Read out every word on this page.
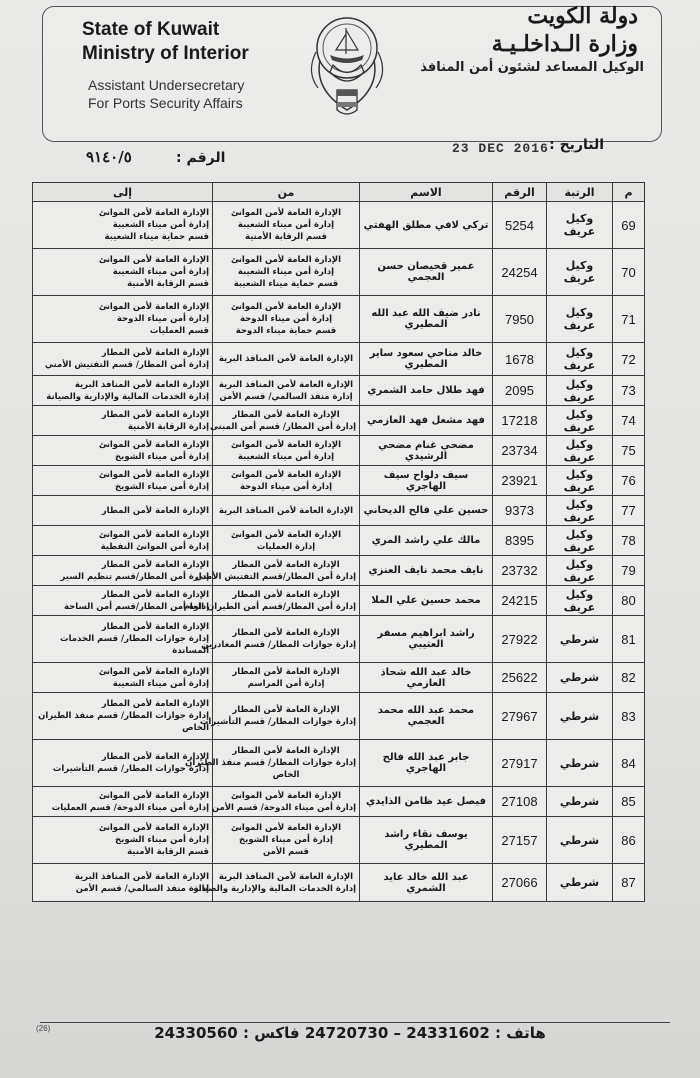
State of Kuwait
Ministry of Interior
Assistant Undersecretary
For Ports Security Affairs
دولة الكويت
وزارة الـداخلـيـة
الوكيل المساعد لشئون أمن المنافذ
التاريخ :
23 DEC 2016
الرقم :
٩١٤٠/٥
م	الرتبة	الرقم	الاسم	من	إلى
69	وكيل عريف	5254	تركي لافي مطلق الهفتي	الإدارة العامة لأمن الموانئ
إدارة أمن ميناء الشعيبة
قسم الرقابة الأمنية	الإدارة العامة لأمن الموانئ
إدارة أمن ميناء الشعيبة
قسم حماية ميناء الشعيبة

70	وكيل عريف	24254	عمير قحيصان حسن العجمي	الإدارة العامة لأمن الموانئ
إدارة أمن ميناء الشعيبة
قسم حماية ميناء الشعيبة	الإدارة العامة لأمن الموانئ
إدارة أمن ميناء الشعيبة
قسم الرقابة الأمنية

71	وكيل عريف	7950	نادر ضيف الله عبد الله المطيري	الإدارة العامة لأمن الموانئ
إدارة أمن ميناء الدوحة
قسم حماية ميناء الدوحة	الإدارة العامة لأمن الموانئ
إدارة أمن ميناء الدوحة
قسم العمليات

72	وكيل عريف	1678	خالد مناحي سعود ساير المطيري	الإدارة العامة لأمن المنافذ البرية	الإدارة العامة لأمن المطار
إدارة أمن المطار/ قسم التفتيش الأمني

73	وكيل عريف	2095	فهد طلال حامد الشمري	الإدارة العامة لأمن المنافذ البرية
إدارة منفذ السالمي/ قسم الأمن	الإدارة العامة لأمن المنافذ البرية
إدارة الخدمات المالية والإدارية والصيانة

74	وكيل عريف	17218	فهد مشعل فهد العازمي	الإدارة العامة لأمن المطار
إدارة أمن المطار/ قسم أمن المبنى	الإدارة العامة لأمن المطار
إدارة الرقابة الأمنية

75	وكيل عريف	23734	مضحي غنام مضحي الرشيدي	الإدارة العامة لأمن الموانئ
إدارة أمن ميناء الشعيبة	الإدارة العامة لأمن الموانئ
إدارة أمن ميناء الشويخ

76	وكيل عريف	23921	سيف دلواح سيف الهاجري	الإدارة العامة لأمن الموانئ
إدارة أمن ميناء الدوحة	الإدارة العامة لأمن الموانئ
إدارة أمن ميناء الشويخ

77	وكيل عريف	9373	حسين علي فالح الديحاني	الإدارة العامة لأمن المنافذ البرية	الإدارة العامة لأمن المطار

78	وكيل عريف	8395	مالك علي راشد المري	الإدارة العامة لأمن الموانئ
إدارة العمليات	الإدارة العامة لأمن الموانئ
إدارة أمن الموانئ النفطية

79	وكيل عريف	23732	نايف محمد نايف العنزي	الإدارة العامة لأمن المطار
إدارة أمن المطار/قسم التفتيش الأمني	الإدارة العامة لأمن المطار
إدارة أمن المطار/قسم تنظيم السير

80	وكيل عريف	24215	محمد حسين علي الملا	الإدارة العامة لأمن المطار
إدارة أمن المطار/قسم أمن الطيران العام	الإدارة العامة لأمن المطار
إدارة أمن المطار/قسم أمن الساحة

81	شرطي	27922	راشد ابراهيم مسفر العتيبي	الإدارة العامة لأمن المطار
إدارة جوازات المطار/ قسم المغادرين	الإدارة العامة لأمن المطار
إدارة جوازات المطار/ قسم الخدمات
المساندة

82	شرطي	25622	خالد عبد الله شحاذ العازمي	الإدارة العامة لأمن المطار
إدارة أمن المراسم	الإدارة العامة لأمن الموانئ
إدارة أمن ميناء الشعيبة

83	شرطي	27967	محمد عبد الله محمد العجمي	الإدارة العامة لأمن المطار
إدارة جوازات المطار/ قسم التأشيرات	الإدارة العامة لأمن المطار
إدارة جوازات المطار/ قسم منفذ الطيران
الخاص

84	شرطي	27917	جابر عبد الله فالح الهاجري	الإدارة العامة لأمن المطار
إدارة جوازات المطار/ قسم منفذ الطيران
الخاص	الإدارة العامة لأمن المطار
إدارة جوازات المطار/ قسم التأشيرات

85	شرطي	27108	فيصل عيد ظامن الذايدي	الإدارة العامة لأمن الموانئ
إدارة أمن ميناء الدوحة/ قسم الأمن	الإدارة العامة لأمن الموانئ
إدارة أمن ميناء الدوحة/ قسم العمليات

86	شرطي	27157	يوسف نقاء راشد المطيري	الإدارة العامة لأمن الموانئ
إدارة أمن ميناء الشويخ
قسم الأمن	الإدارة العامة لأمن الموانئ
إدارة أمن ميناء الشويخ
قسم الرقابة الأمنية

87	شرطي	27066	عبد الله خالد عايد الشمري	الإدارة العامة لأمن المنافذ البرية
إدارة الخدمات المالية والإدارية والصيانة	الإدارة العامة لأمن المنافذ البرية
إدارة منفذ السالمي/ قسم الأمن
(26)	هاتف : 24331602 – 24720730 فاكس : 24330560
